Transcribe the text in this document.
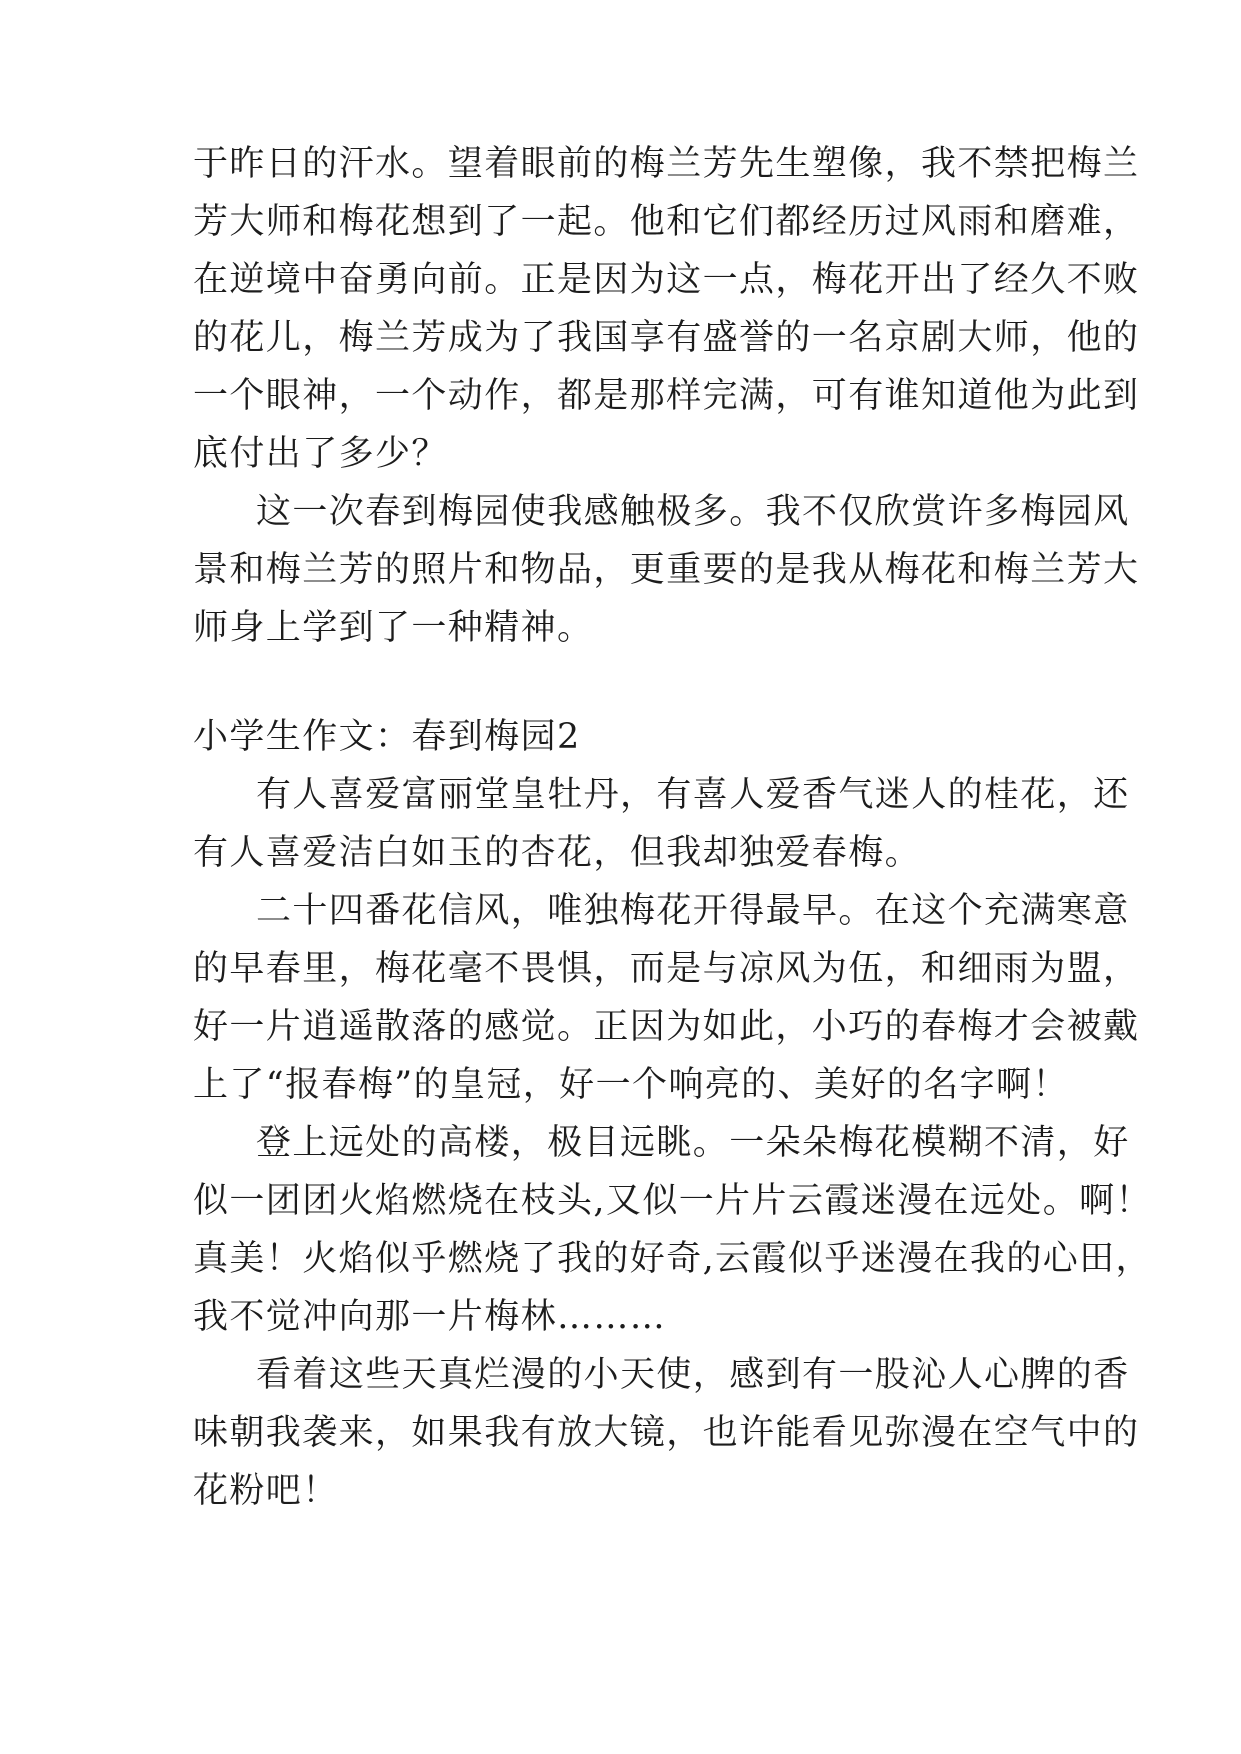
于昨日的汗水。望着眼前的梅兰芳先生塑像，我不禁把梅兰
芳大师和梅花想到了一起。他和它们都经历过风雨和磨难，
在逆境中奋勇向前。正是因为这一点，梅花开出了经久不败
的花儿，梅兰芳成为了我国享有盛誉的一名京剧大师，他的
一个眼神，一个动作，都是那样完满，可有谁知道他为此到
底付出了多少？
这一次春到梅园使我感触极多。我不仅欣赏许多梅园风
景和梅兰芳的照片和物品，更重要的是我从梅花和梅兰芳大
师身上学到了一种精神。
小学生作文：春到梅园2
有人喜爱富丽堂皇牡丹，有喜人爱香气迷人的桂花，还
有人喜爱洁白如玉的杏花，但我却独爱春梅。
二十四番花信风，唯独梅花开得最早。在这个充满寒意
的早春里，梅花毫不畏惧，而是与凉风为伍，和细雨为盟，
好一片逍遥散落的感觉。正因为如此，小巧的春梅才会被戴
上了“报春梅”的皇冠，好一个响亮的、美好的名字啊！
登上远处的高楼，极目远眺。一朵朵梅花模糊不清，好
似一团团火焰燃烧在枝头,又似一片片云霞迷漫在远处。啊！
真美！火焰似乎燃烧了我的好奇,云霞似乎迷漫在我的心田，
我不觉冲向那一片梅林………
看着这些天真烂漫的小天使，感到有一股沁人心脾的香
味朝我袭来，如果我有放大镜，也许能看见弥漫在空气中的
花粉吧！
